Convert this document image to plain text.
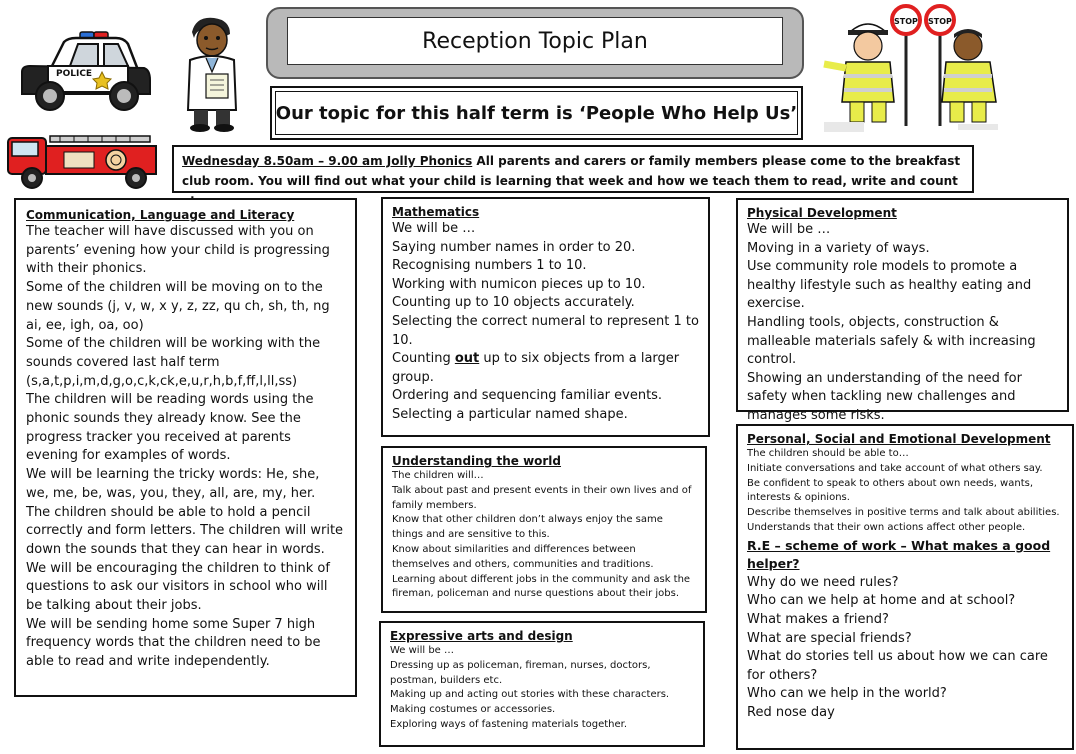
POLICE
STOP STOP
Reception Topic Plan
Our topic for this half term is ‘People Who Help Us’
Wednesday 8.50am – 9.00 am Jolly Phonics All parents and carers or family members please come to the breakfast club room. You will find out what your child is learning that week and how we teach them to read, write and count
Communication, Language and Literacy
The teacher will have discussed with you on parents’ evening how your child is progressing with their phonics.
Some of the children will be moving on to the new sounds (j, v, w, x y, z, zz, qu ch, sh, th, ng ai, ee, igh, oa, oo)
Some of the children will be working with the sounds covered last half term (s,a,t,p,i,m,d,g,o,c,k,ck,e,u,r,h,b,f,ff,l,ll,ss)
The children will be reading words using the phonic sounds they already know. See the progress tracker you received at parents evening for examples of words.
We will be learning the tricky words: He, she, we, me, be, was, you, they, all, are, my, her.
The children should be able to hold a pencil correctly and form letters. The children will write down the sounds that they can hear in words.
We will be encouraging the children to think of questions to ask our visitors in school who will be talking about their jobs.
We will be sending home some Super 7 high frequency words that the children need to be able to read and write independently.
Mathematics
We will be …
Saying number names in order to 20.
Recognising numbers 1 to 10.
Working with numicon pieces up to 10.
Counting up to 10 objects accurately.
Selecting the correct numeral to represent 1 to 10.
Counting out up to six objects from a larger group.
Ordering and sequencing familiar events.
Selecting a particular named shape.
Understanding the world
The children will…
Talk about past and present events in their own lives and of family members.
Know that other children don’t always enjoy the same things and are sensitive to this.
Know about similarities and differences between themselves and others, communities and traditions.
Learning about different jobs in the community and ask the fireman, policeman and nurse questions about their jobs.
Expressive arts and design
We will be …
Dressing up as policeman, fireman, nurses, doctors, postman, builders etc.
Making up and acting out stories with these characters.
Making costumes or accessories.
Exploring ways of fastening materials together.
Physical Development
We will be …
Moving in a variety of ways.
Use community role models to promote a healthy lifestyle such as healthy eating and exercise.
Handling tools, objects, construction & malleable materials safely & with increasing control.
Showing an understanding of the need for safety when tackling new challenges and manages some risks.
Personal, Social and Emotional Development
The children should be able to…
Initiate conversations and take account of what others say.
Be confident to speak to others about own needs, wants, interests & opinions.
Describe themselves in positive terms and talk about abilities.
Understands that their own actions affect other people.
R.E – scheme of work – What makes a good helper?
Why do we need rules?
Who can we help at home and at school?
What makes a friend?
What are special friends?
What do stories tell us about how we can care for others?
Who can we help in the world?
Red nose day
